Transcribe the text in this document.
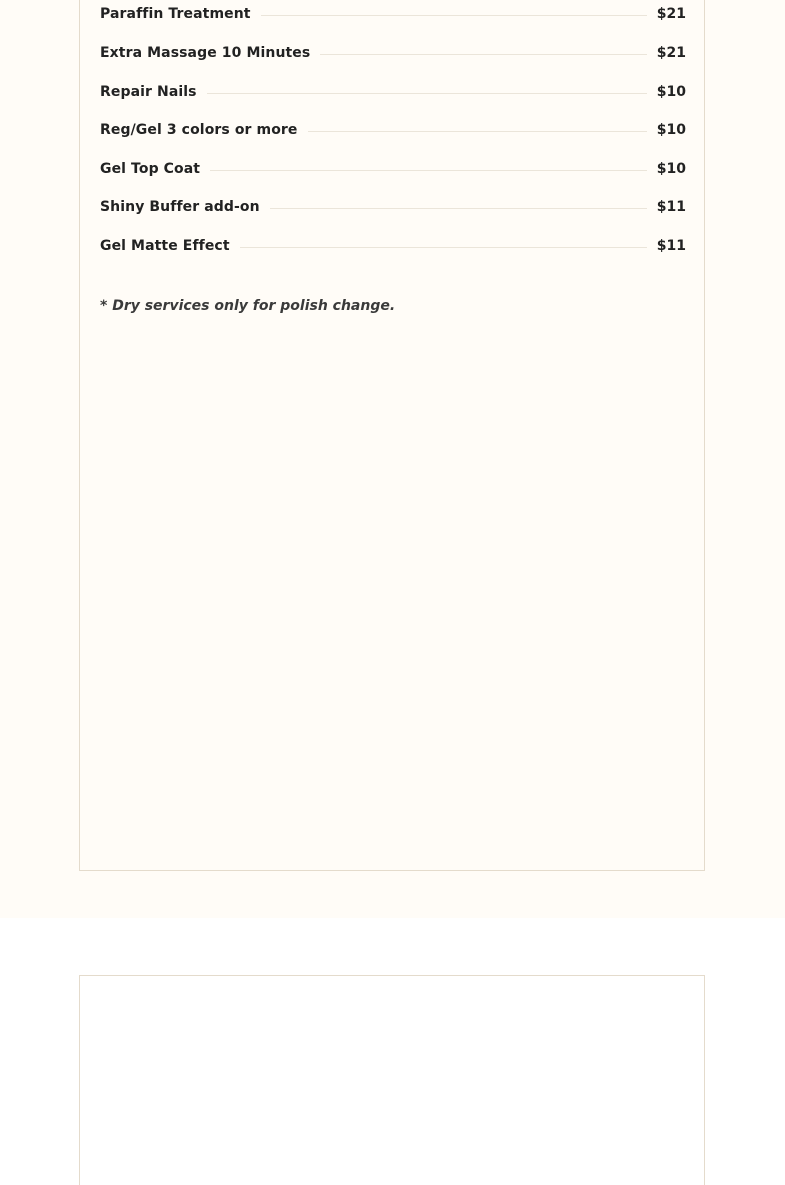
Paraffin Treatment	$21
Extra Massage 10 Minutes	$21
Repair Nails	$10
Reg/Gel 3 colors or more	$10
Gel Top Coat	$10
Shiny Buffer add-on	$11
Gel Matte Effect	$11
* Dry services only for polish change.
